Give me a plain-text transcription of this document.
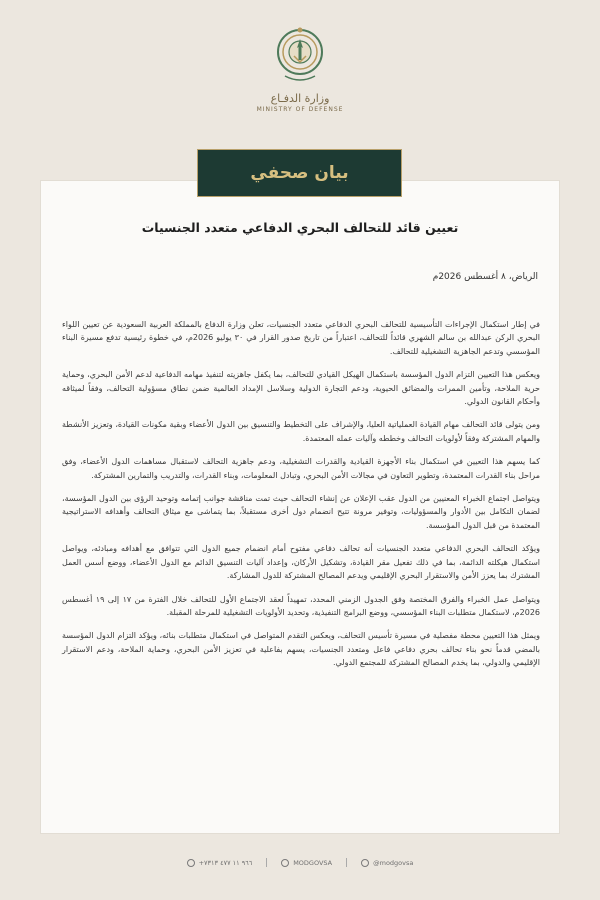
وزارة الدفـاع
MINISTRY OF DEFENSE
بيان صحفي
تعيين قائد للتحالف البحري الدفاعي متعدد الجنسيات
الرياض، ٨ أغسطس 2026م

في إطار استكمال الإجراءات التأسيسية للتحالف البحري الدفاعي متعدد الجنسيات، تعلن وزارة الدفاع بالمملكة العربية السعودية عن تعيين اللواء البحري الركن عبدالله بن سالم الشهري قائداً للتحالف، اعتباراً من تاريخ صدور القرار في ٣٠ يوليو 2026م، في خطوة رئيسية تدفع مسيرة البناء المؤسسي وتدعم الجاهزية التشغيلية للتحالف.

ويعكس هذا التعيين التزام الدول المؤسسة باستكمال الهيكل القيادي للتحالف، بما يكفل جاهزيته لتنفيذ مهامه الدفاعية لدعم الأمن البحري، وحماية حرية الملاحة، وتأمين الممرات والمضائق الحيوية، ودعم التجارة الدولية وسلاسل الإمداد العالمية ضمن نطاق مسؤولية التحالف، وفقاً لميثاقه وأحكام القانون الدولي.

ومن يتولى قائد التحالف مهام القيادة العملياتية العليا، والإشراف على التخطيط والتنسيق بين الدول الأعضاء وبقية مكونات القيادة، وتعزيز الأنشطة والمهام المشتركة وفقاً لأولويات التحالف وخططه وآليات عمله المعتمدة.

كما يسهم هذا التعيين في استكمال بناء الأجهزة القيادية والقدرات التشغيلية، ودعم جاهزية التحالف لاستقبال مساهمات الدول الأعضاء، وفق مراحل بناء القدرات المعتمدة، وتطوير التعاون في مجالات الأمن البحري، وتبادل المعلومات، وبناء القدرات، والتدريب والتمارين المشتركة.

ويتواصل اجتماع الخبراء المعنيين من الدول عقب الإعلان عن إنشاء التحالف حيث تمت مناقشة جوانب إتمامه وتوحيد الرؤى بين الدول المؤسسة، لضمان التكامل بين الأدوار والمسؤوليات، وتوفير مرونة تتيح انضمام دول أخرى مستقبلاً، بما يتماشى مع ميثاق التحالف وأهدافه الاستراتيجية المعتمدة من قبل الدول المؤسسة.

ويؤكد التحالف البحري الدفاعي متعدد الجنسيات أنه تحالف دفاعي مفتوح أمام انضمام جميع الدول التي تتوافق مع أهدافه ومبادئه، ويواصل استكمال هيكلته الدائمة، بما في ذلك تفعيل مقر القيادة، وتشكيل الأركان، وإعداد آليات التنسيق الدائم مع الدول الأعضاء، ووضع أسس العمل المشترك بما يعزز الأمن والاستقرار البحري الإقليمي ويدعم المصالح المشتركة للدول المشاركة.

ويتواصل عمل الخبراء والفرق المختصة وفق الجدول الزمني المحدد، تمهيداً لعقد الاجتماع الأول للتحالف خلال الفترة من ١٧ إلى ١٩ أغسطس 2026م، لاستكمال متطلبات البناء المؤسسي، ووضع البرامج التنفيذية، وتحديد الأولويات التشغيلية للمرحلة المقبلة.

ويمثل هذا التعيين محطة مفصلية في مسيرة تأسيس التحالف، ويعكس التقدم المتواصل في استكمال متطلبات بنائه، ويؤكد التزام الدول المؤسسة بالمضي قدماً نحو بناء تحالف بحري دفاعي فاعل ومتعدد الجنسيات، يسهم بفاعلية في تعزيز الأمن البحري، وحماية الملاحة، ودعم الاستقرار الإقليمي والدولي، بما يخدم المصالح المشتركة للمجتمع الدولي.

+٩٦٦ ١١ ٤٧٧ ٧٣١٣	MODGOVSA	@modgovsa
